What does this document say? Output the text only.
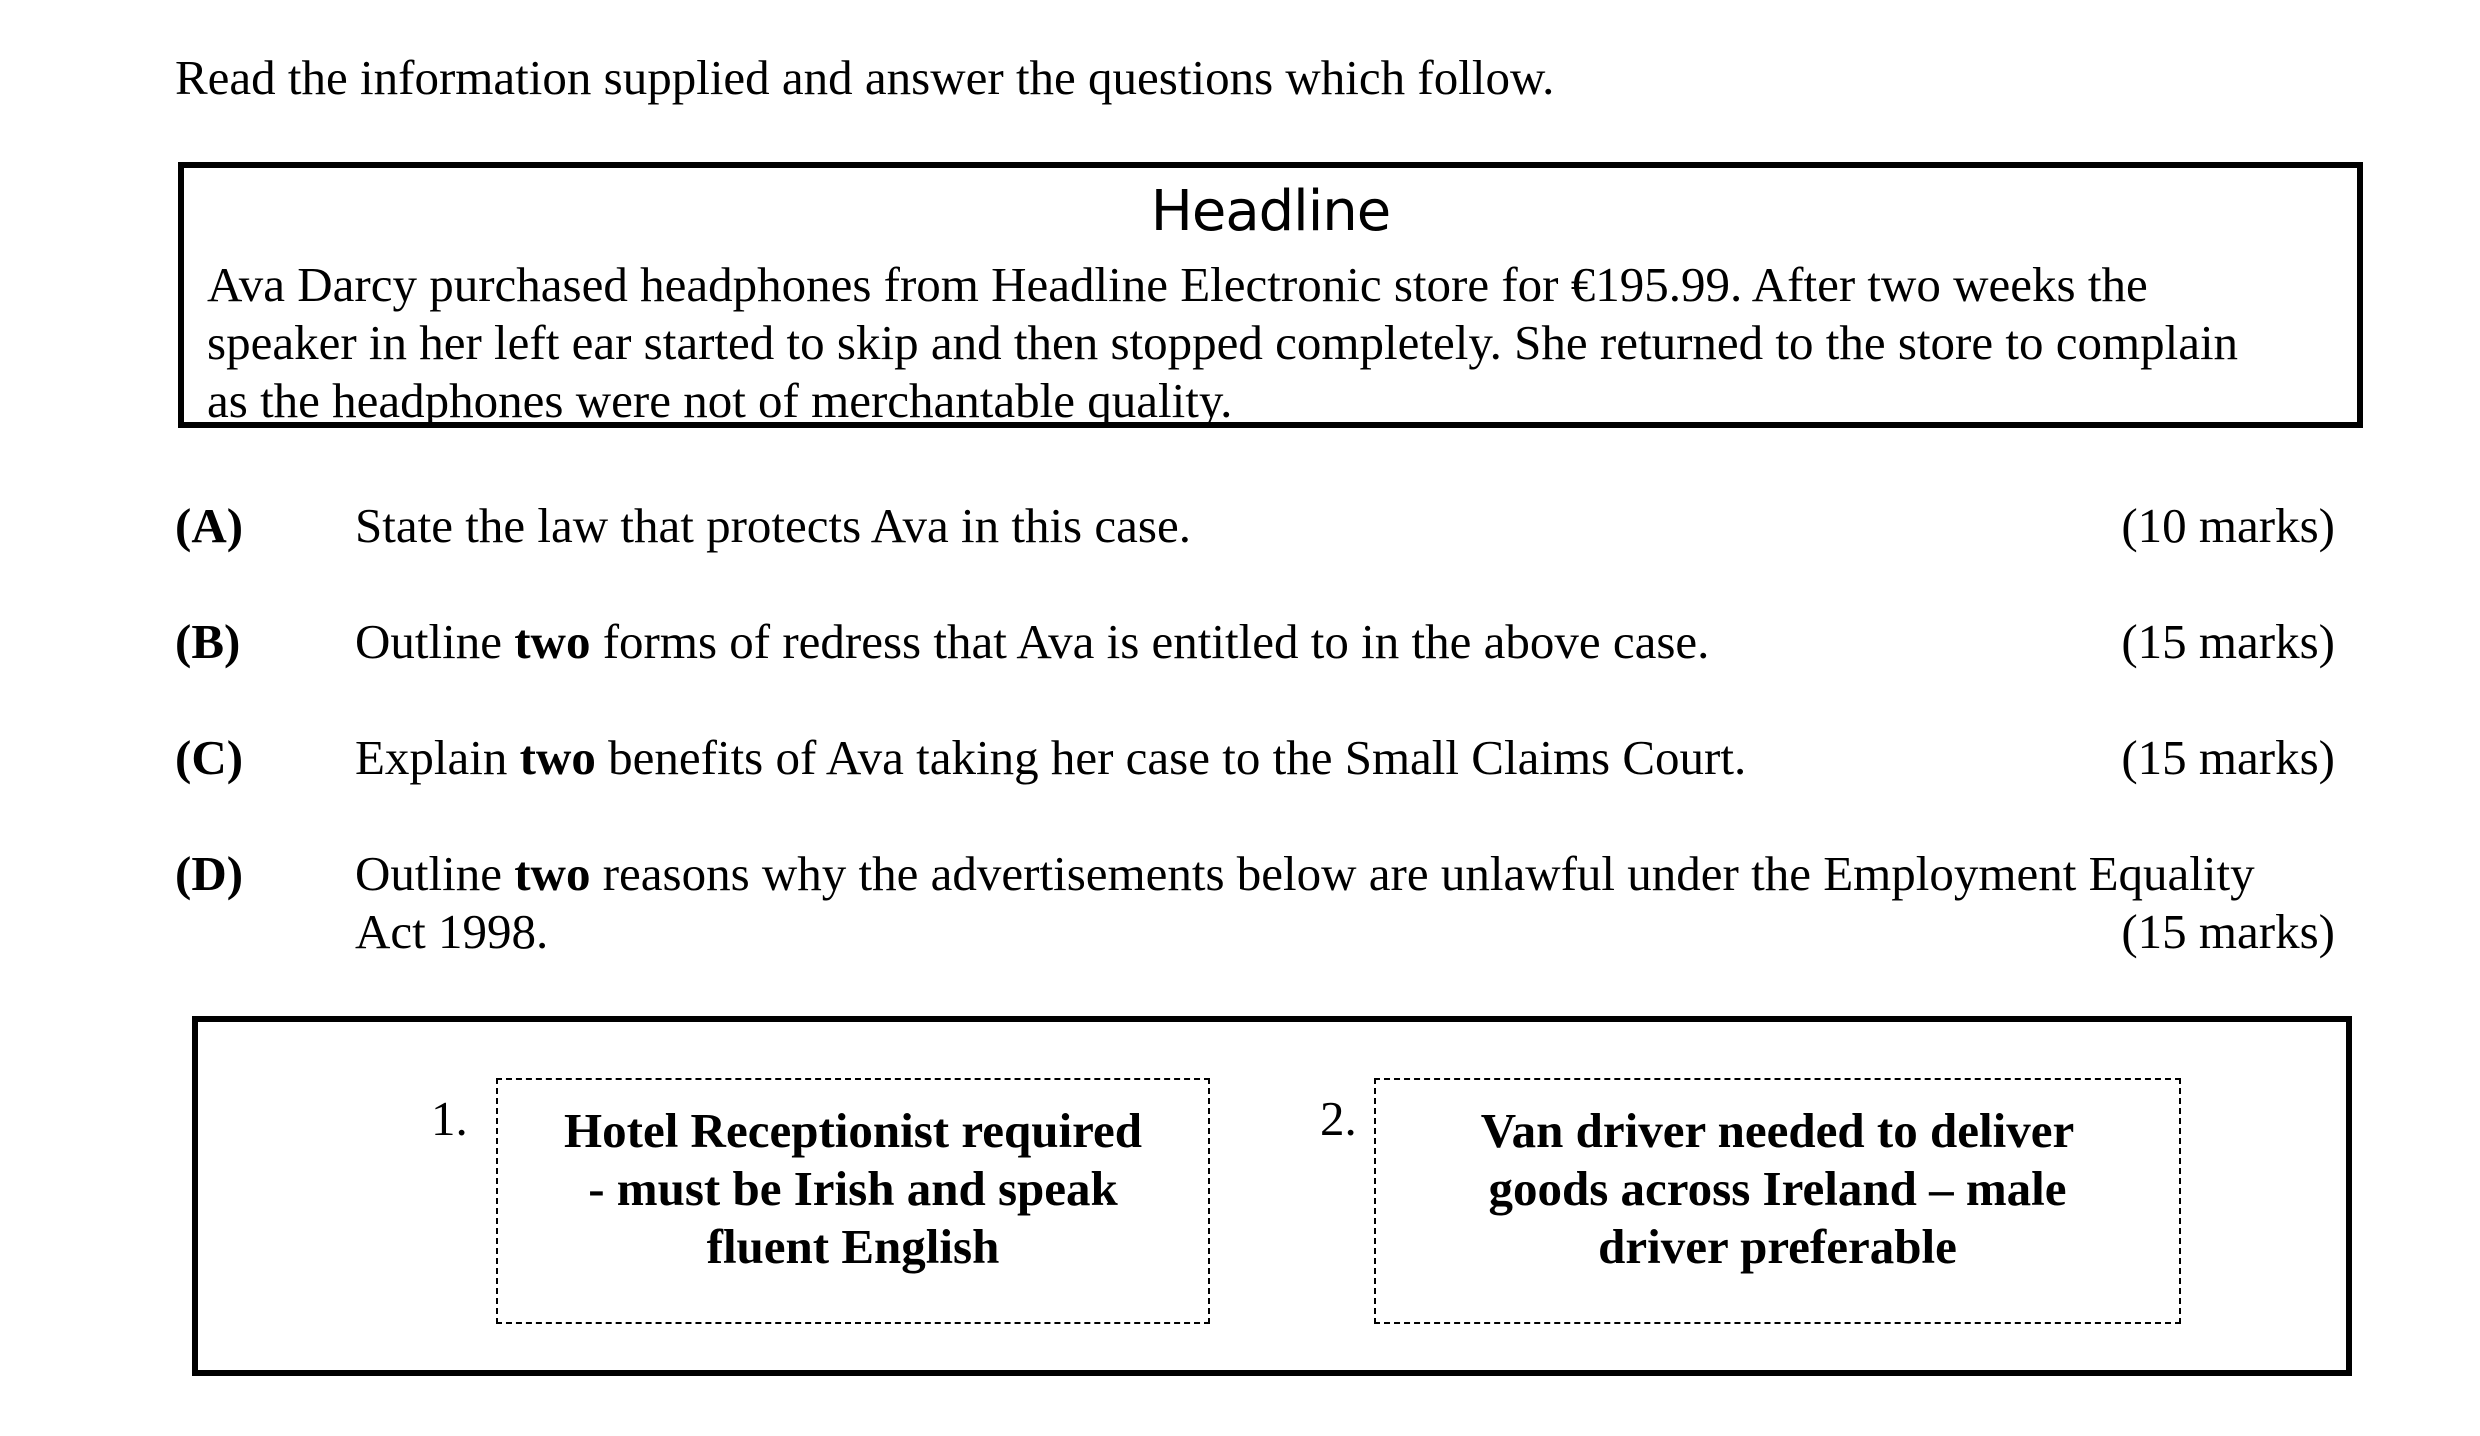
Read the information supplied and answer the questions which follow.
Headline

Ava Darcy purchased headphones from Headline Electronic store for €195.99. After two weeks the

speaker in her left ear started to skip and then stopped completely. She returned to the store to complain

as the headphones were not of merchantable quality.

(A) State the law that protects Ava in this case.	(10 marks)
(B) Outline two forms of redress that Ava is entitled to in the above case.	(15 marks)
(C) Explain two benefits of Ava taking her case to the Small Claims Court.	(15 marks)
(D) Outline two reasons why the advertisements below are unlawful under the Employment Equality
Act 1998.	(15 marks)
1. Hotel Receptionist required
- must be Irish and speak
fluent English
2.	Van driver needed to deliver
goods across Ireland – male
driver preferable
